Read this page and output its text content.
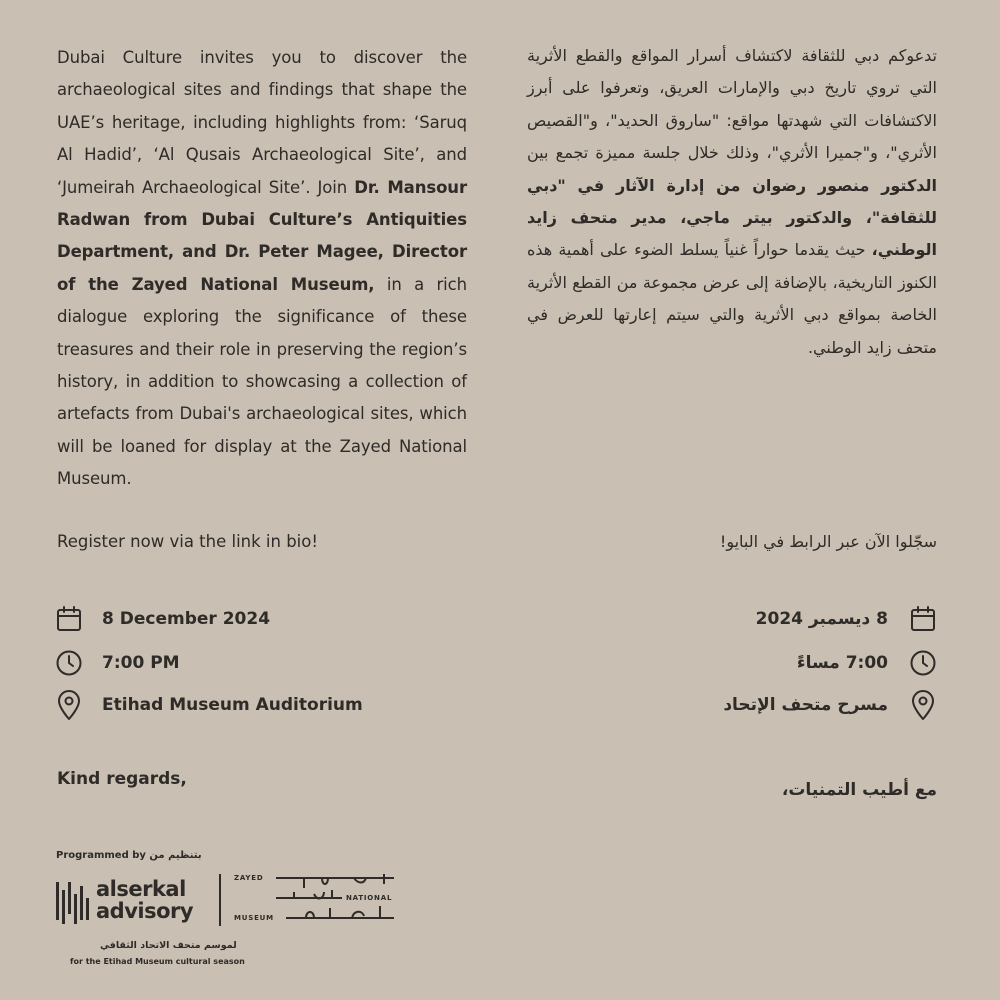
Dubai Culture invites you to discover the archaeological sites and findings that shape the UAE’s heritage, including highlights from: ‘Saruq Al Hadid’, ‘Al Qusais Archaeological Site’, and ‘Jumeirah Archaeological Site’. Join Dr. Mansour Radwan from Dubai Culture’s Antiquities Department, and Dr. Peter Magee, Director of the Zayed National Museum, in a rich dialogue exploring the significance of these treasures and their role in preserving the region’s history, in addition to showcasing a collection of artefacts from Dubai's archaeological sites, which will be loaned for display at the Zayed National Museum.
تدعوكم دبي للثقافة لاكتشاف أسرار المواقع والقطع الأثرية التي تروي تاريخ دبي والإمارات العريق، وتعرفوا على أبرز الاكتشافات التي شهدتها مواقع: "ساروق الحديد"، و"القصيص الأثري"، و"جميرا الأثري"، وذلك خلال جلسة مميزة تجمع بين الدكتور منصور رضوان من إدارة الآثار في "دبي للثقافة"، والدكتور بيتر ماجي، مدير متحف زايد الوطني، حيث يقدما حواراً غنياً يسلط الضوء على أهمية هذه الكنوز التاريخية، بالإضافة إلى عرض مجموعة من القطع الأثرية الخاصة بمواقع دبي الأثرية والتي سيتم إعارتها للعرض في متحف زايد الوطني.
Register now via the link in bio!	سجّلوا الآن عبر الرابط في البايو!
8 December 2024
7:00 PM
Etihad Museum Auditorium
8 ديسمبر 2024
7:00 مساءً
مسرح متحف الإتحاد
Kind regards,
مع أطيب التمنيات،
Programmed by بتنظيم من
alserkal
advisory
ZAYED
NATIONAL
MUSEUM
لموسم متحف الاتحاد الثقافي
for the Etihad Museum cultural season
